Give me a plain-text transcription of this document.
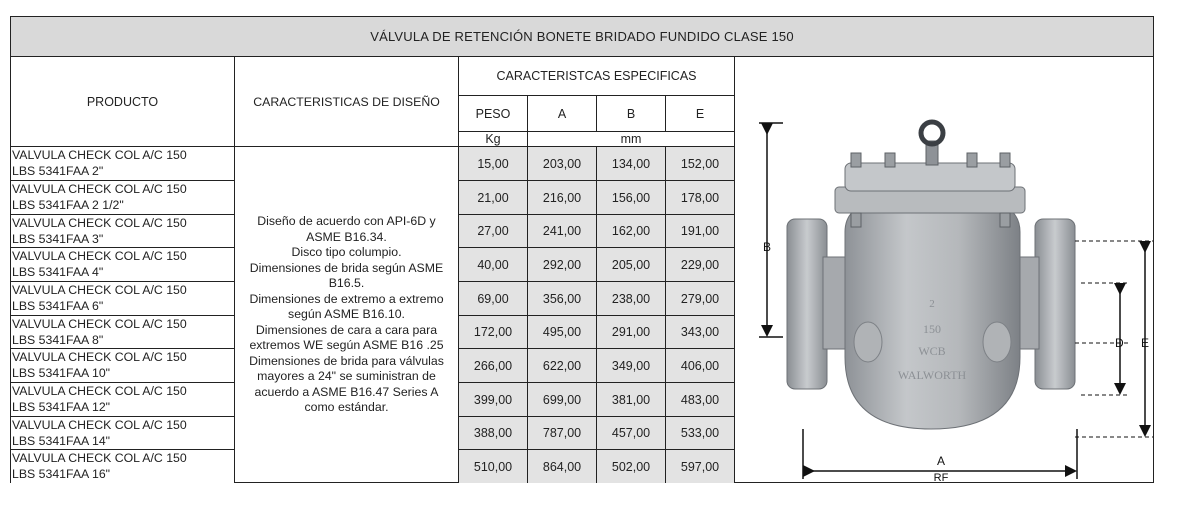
VÁLVULA DE RETENCIÓN BONETE BRIDADO FUNDIDO CLASE 150
PRODUCTO	CARACTERISTICAS DE DISEÑO
CARACTERISTCAS ESPECIFICAS
PESO	A	B	E
Kg	mm
Diseño de acuerdo con API-6D y
ASME B16.34.
Disco tipo columpio.
Dimensiones de brida según ASME
B16.5.
Dimensiones de extremo a extremo
según ASME B16.10.
Dimensiones de cara a cara para
extremos WE según ASME B16 .25
Dimensiones de brida para válvulas
mayores a 24" se suministran de
acuerdo a ASME B16.47 Series A
como estándar.
VALVULA CHECK COL A/C 150
LBS 5341FAA 2"
15,00	203,00	134,00	152,00
VALVULA CHECK COL A/C 150
LBS 5341FAA 2 1/2"
21,00	216,00	156,00	178,00
VALVULA CHECK COL A/C 150
LBS 5341FAA 3"
27,00	241,00	162,00	191,00
VALVULA CHECK COL A/C 150
LBS 5341FAA 4"
40,00	292,00	205,00	229,00
VALVULA CHECK COL A/C 150
LBS 5341FAA 6"
69,00	356,00	238,00	279,00
VALVULA CHECK COL A/C 150
LBS 5341FAA 8"
172,00	495,00	291,00	343,00
VALVULA CHECK COL A/C 150
LBS 5341FAA 10"
266,00	622,00	349,00	406,00
VALVULA CHECK COL A/C 150
LBS 5341FAA 12"
399,00	699,00	381,00	483,00
VALVULA CHECK COL A/C 150
LBS 5341FAA 14"
388,00	787,00	457,00	533,00
VALVULA CHECK COL A/C 150
LBS 5341FAA 16"
510,00	864,00	502,00	597,00
2
150
WCB
WALWORTH
B
E
D
A
RF
